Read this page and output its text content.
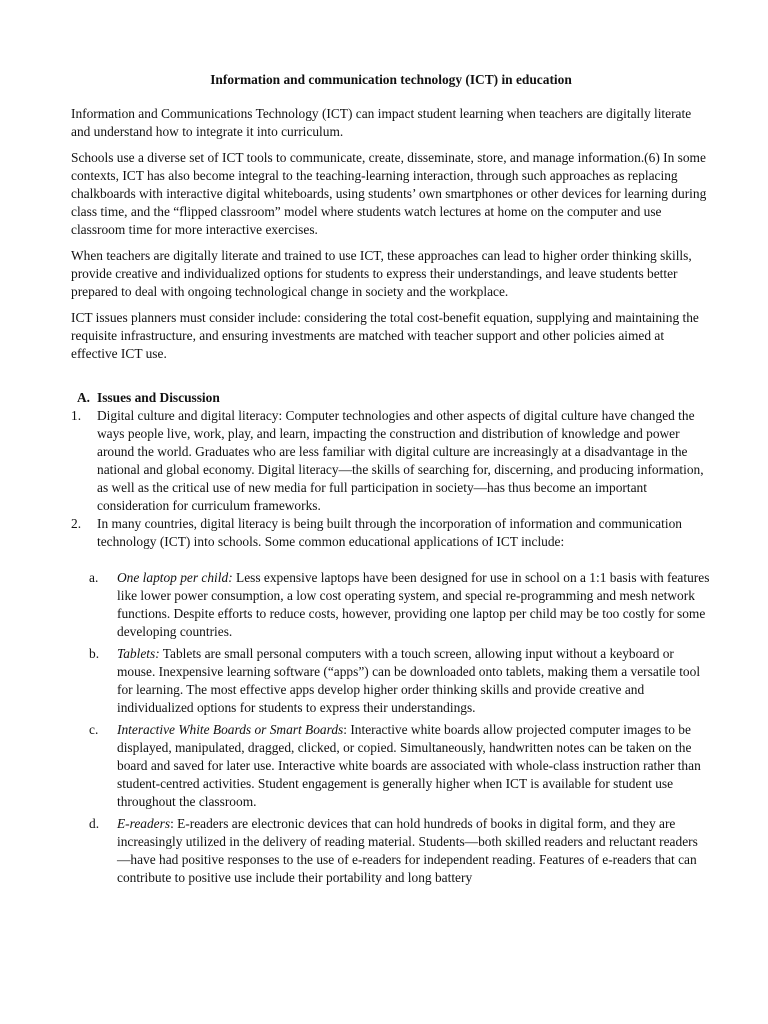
Information and communication technology (ICT) in education

Information and Communications Technology (ICT) can impact student learning when teachers are digitally literate and understand how to integrate it into curriculum.

Schools use a diverse set of ICT tools to communicate, create, disseminate, store, and manage information.(6) In some contexts, ICT has also become integral to the teaching-learning interaction, through such approaches as replacing chalkboards with interactive digital whiteboards, using students’ own smartphones or other devices for learning during class time, and the “flipped classroom” model where students watch lectures at home on the computer and use classroom time for more interactive exercises.

When teachers are digitally literate and trained to use ICT, these approaches can lead to higher order thinking skills, provide creative and individualized options for students to express their understandings, and leave students better prepared to deal with ongoing technological change in society and the workplace.

ICT issues planners must consider include: considering the total cost-benefit equation, supplying and maintaining the requisite infrastructure, and ensuring investments are matched with teacher support and other policies aimed at effective ICT use.

A. Issues and Discussion
1.	Digital culture and digital literacy: Computer technologies and other aspects of digital culture have changed the ways people live, work, play, and learn, impacting the construction and distribution of knowledge and power around the world. Graduates who are less familiar with digital culture are increasingly at a disadvantage in the national and global economy. Digital literacy—the skills of searching for, discerning, and producing information, as well as the critical use of new media for full participation in society—has thus become an important consideration for curriculum frameworks.
2.	In many countries, digital literacy is being built through the incorporation of information and communication technology (ICT) into schools. Some common educational applications of ICT include:
a.	One laptop per child: Less expensive laptops have been designed for use in school on a 1:1 basis with features like lower power consumption, a low cost operating system, and special re-programming and mesh network functions. Despite efforts to reduce costs, however, providing one laptop per child may be too costly for some developing countries.
b.	Tablets: Tablets are small personal computers with a touch screen, allowing input without a keyboard or mouse. Inexpensive learning software (“apps”) can be downloaded onto tablets, making them a versatile tool for learning. The most effective apps develop higher order thinking skills and provide creative and individualized options for students to express their understandings.
c.	Interactive White Boards or Smart Boards: Interactive white boards allow projected computer images to be displayed, manipulated, dragged, clicked, or copied. Simultaneously, handwritten notes can be taken on the board and saved for later use. Interactive white boards are associated with whole-class instruction rather than student-centred activities. Student engagement is generally higher when ICT is available for student use throughout the classroom.
d.	E-readers: E-readers are electronic devices that can hold hundreds of books in digital form, and they are increasingly utilized in the delivery of reading material. Students—both skilled readers and reluctant readers—have had positive responses to the use of e-readers for independent reading. Features of e-readers that can contribute to positive use include their portability and long battery
